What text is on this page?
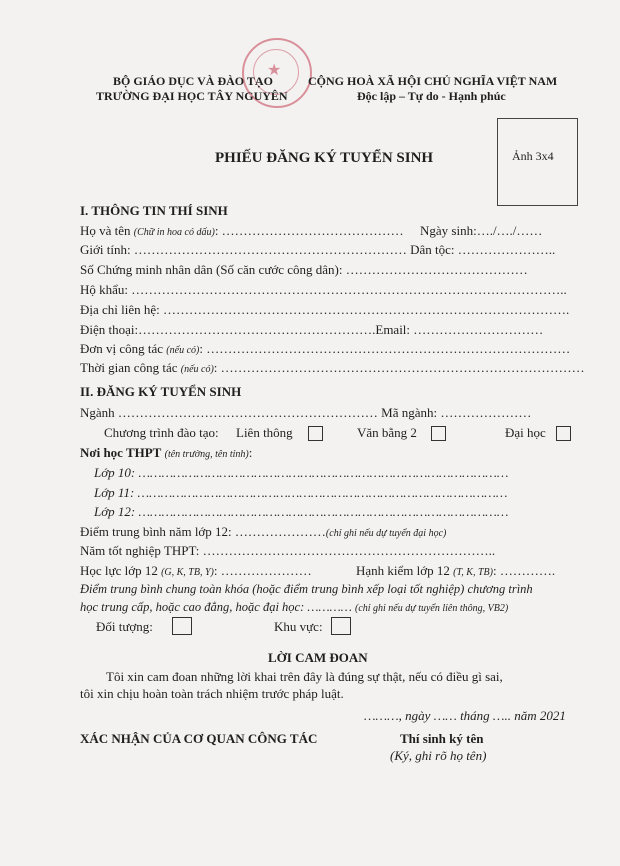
★
BỘ GIÁO DỤC VÀ ĐÀO TẠO
TRƯỜNG ĐẠI HỌC TÂY NGUYÊN
CỘNG HOÀ XÃ HỘI CHỦ NGHĨA VIỆT NAM
Độc lập – Tự do - Hạnh phúc
Ảnh 3x4
PHIẾU ĐĂNG KÝ TUYỂN SINH
I. THÔNG TIN THÍ SINH
Họ và tên (Chữ in hoa có dấu): …………………………………… Ngày sinh:…./…./……
Giới tính: ……………………………………………………… Dân tộc: …………………..
Số Chứng minh nhân dân (Số căn cước công dân): ……………………………………
Hộ khẩu: ………………………………………………………………………………………..
Địa chỉ liên hệ: ………………………………………………………………………………….
Điện thoại:……………………………………………….Email: …………………………
Đơn vị công tác (nếu có): …………………………………………………………………………
Thời gian công tác (nếu có): …………………………………………………………………………
II. ĐĂNG KÝ TUYỂN SINH
Ngành …………………………………………………… Mã ngành: …………………
Chương trình đào tạo: Liên thông	Văn bằng 2	Đại học
Nơi học THPT (tên trường, tên tỉnh):
Lớp 10: ……………………………………………………………………………………
Lớp 11: ……………………………………………………………………………………
Lớp 12: ……………………………………………………………………………………
Điểm trung bình năm lớp 12: …………………(chỉ ghi nếu dự tuyển đại học)
Năm tốt nghiệp THPT: …………………………………………………………..
Học lực lớp 12 (G, K, TB, Y): …………………	Hạnh kiểm lớp 12 (T, K, TB): ………….
Điểm trung bình chung toàn khóa (hoặc điểm trung bình xếp loại tốt nghiệp) chương trình
học trung cấp, hoặc cao đẳng, hoặc đại học: ………… (chỉ ghi nếu dự tuyển liên thông, VB2)
Đối tượng:	Khu vực:
LỜI CAM ĐOAN
Tôi xin cam đoan những lời khai trên đây là đúng sự thật, nếu có điều gì sai,
tôi xin chịu hoàn toàn trách nhiệm trước pháp luật.
………, ngày …… tháng ….. năm 2021
XÁC NHẬN CỦA CƠ QUAN CÔNG TÁC	Thí sinh ký tên
(Ký, ghi rõ họ tên)
